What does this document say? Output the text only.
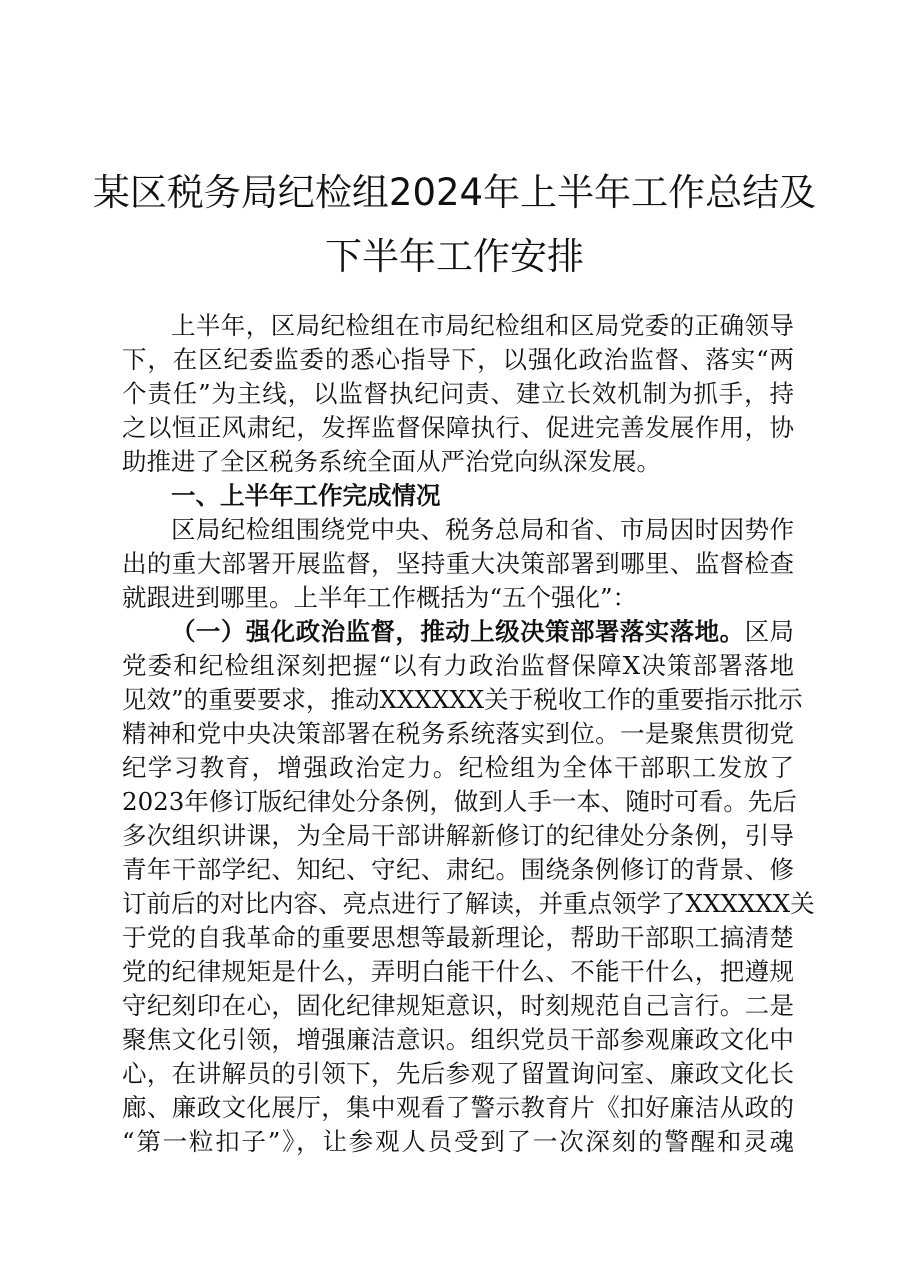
某区税务局纪检组2024年上半年工作总结及
下半年工作安排
上半年，区局纪检组在市局纪检组和区局党委的正确领导
下，在区纪委监委的悉心指导下，以强化政治监督、落实“两
个责任”为主线，以监督执纪问责、建立长效机制为抓手，持
之以恒正风肃纪，发挥监督保障执行、促进完善发展作用，协
助推进了全区税务系统全面从严治党向纵深发展。
一、上半年工作完成情况
区局纪检组围绕党中央、税务总局和省、市局因时因势作
出的重大部署开展监督，坚持重大决策部署到哪里、监督检查
就跟进到哪里。上半年工作概括为“五个强化”：
（一）强化政治监督，推动上级决策部署落实落地。区局
党委和纪检组深刻把握“以有力政治监督保障X决策部署落地
见效”的重要要求，推动XXXXXX关于税收工作的重要指示批示
精神和党中央决策部署在税务系统落实到位。一是聚焦贯彻党
纪学习教育，增强政治定力。纪检组为全体干部职工发放了
2023年修订版纪律处分条例，做到人手一本、随时可看。先后
多次组织讲课，为全局干部讲解新修订的纪律处分条例，引导
青年干部学纪、知纪、守纪、肃纪。围绕条例修订的背景、修
订前后的对比内容、亮点进行了解读，并重点领学了XXXXXX关
于党的自我革命的重要思想等最新理论，帮助干部职工搞清楚
党的纪律规矩是什么，弄明白能干什么、不能干什么，把遵规
守纪刻印在心，固化纪律规矩意识，时刻规范自己言行。二是
聚焦文化引领，增强廉洁意识。组织党员干部参观廉政文化中
心，在讲解员的引领下，先后参观了留置询问室、廉政文化长
廊、廉政文化展厅，集中观看了警示教育片《扣好廉洁从政的
“第一粒扣子”》，让参观人员受到了一次深刻的警醒和灵魂
